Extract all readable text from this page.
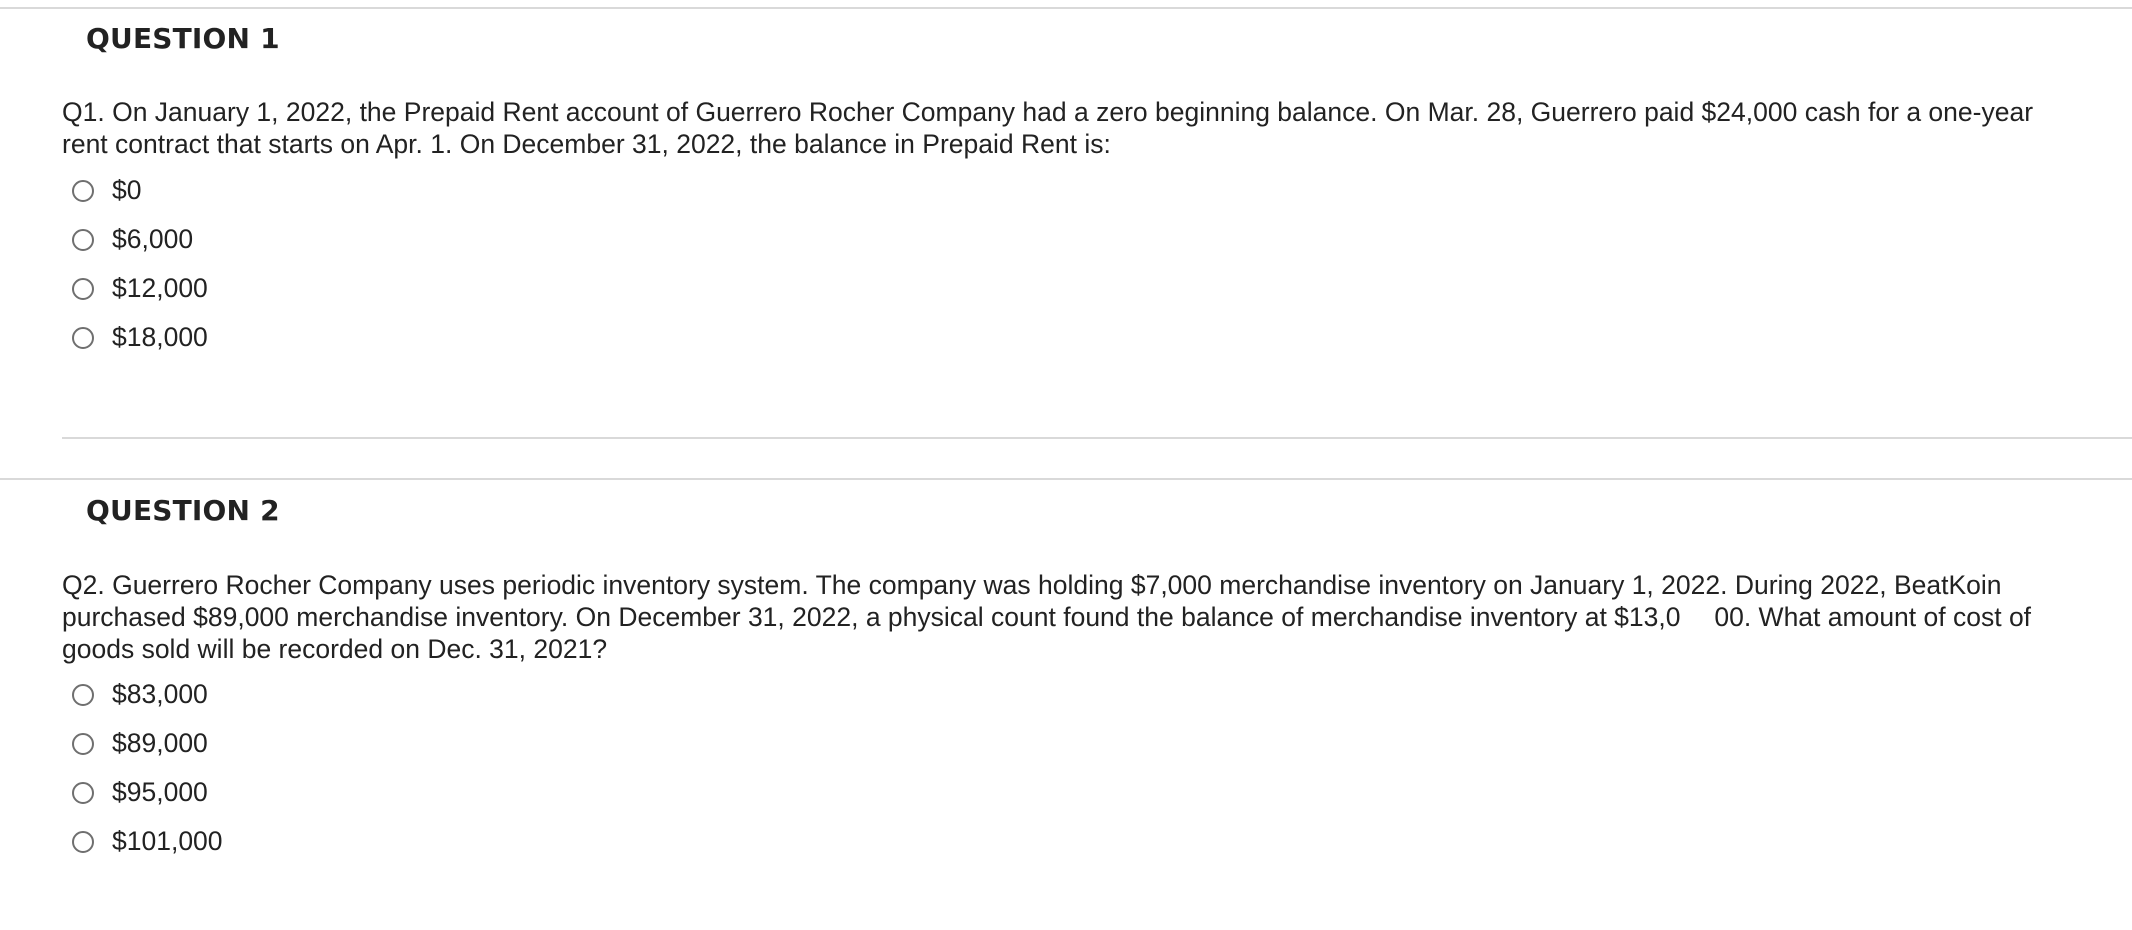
QUESTION 1

Q1. On January 1, 2022, the Prepaid Rent account of Guerrero Rocher Company had a zero beginning balance. On Mar. 28, Guerrero paid $24,000 cash for a one-year rent contract that starts on Apr. 1. On December 31, 2022, the balance in Prepaid Rent is:

$0
$6,000
$12,000
$18,000
QUESTION 2

Q2. Guerrero Rocher Company uses periodic inventory system. The company was holding $7,000 merchandise inventory on January 1, 2022. During 2022, BeatKoin purchased $89,000 merchandise inventory. On December 31, 2022, a physical count found the balance of merchandise inventory at $13,0  00. What amount of cost of goods sold will be recorded on Dec. 31, 2021?

$83,000
$89,000
$95,000
$101,000
